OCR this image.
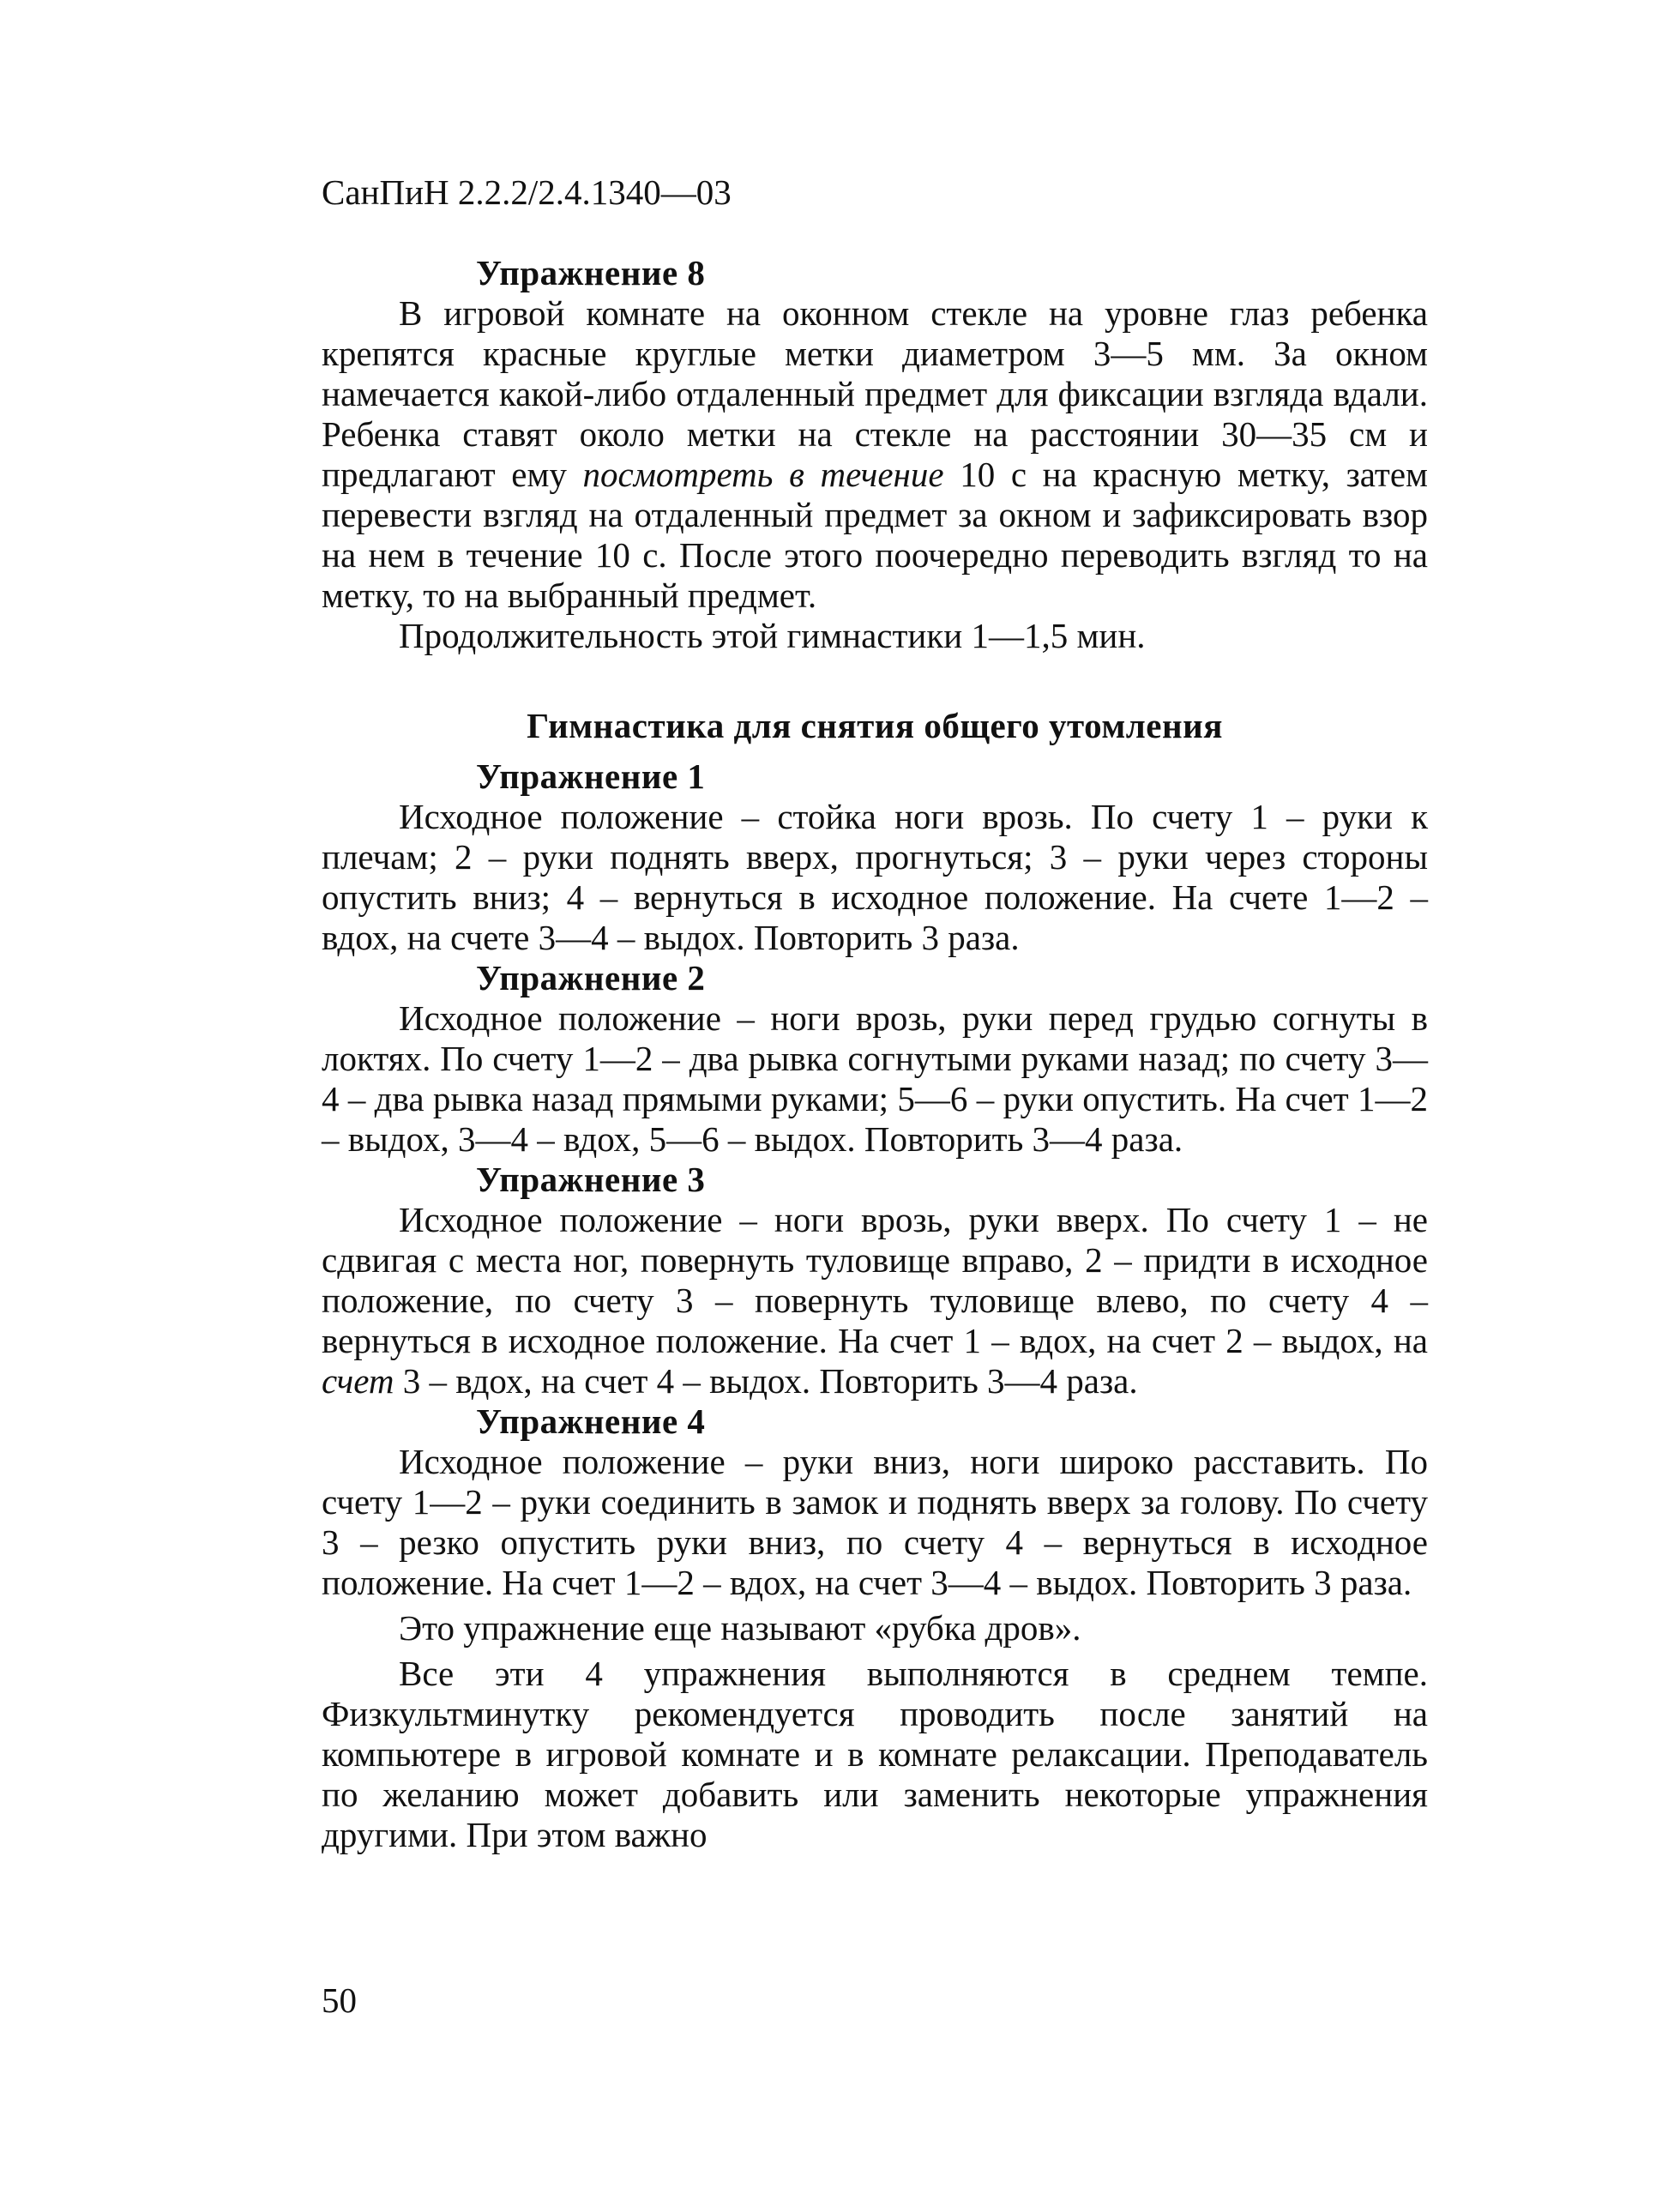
СанПиН 2.2.2/2.4.1340—03

Упражнение 8

В игровой комнате на оконном стекле на уровне глаз ребенка крепятся красные круглые метки диаметром 3—5 мм. За окном намечается какой-либо отдаленный предмет для фиксации взгляда вдали. Ребенка ставят около метки на стекле на расстоянии 30—35 см и предлагают ему посмотреть в течение 10 с на красную метку, затем перевести взгляд на отдаленный предмет за окном и зафиксировать взор на нем в течение 10 с. После этого поочередно переводить взгляд то на метку, то на выбранный предмет.

Продолжительность этой гимнастики 1—1,5 мин.

Гимнастика для снятия общего утомления

Упражнение 1

Исходное положение – стойка ноги врозь. По счету 1 – руки к плечам; 2 – руки поднять вверх, прогнуться; 3 – руки через стороны опустить вниз; 4 – вернуться в исходное положение. На счете 1—2 – вдох, на счете 3—4 – выдох. Повторить 3 раза.

Упражнение 2

Исходное положение – ноги врозь, руки перед грудью согнуты в локтях. По счету 1—2 – два рывка согнутыми руками назад; по счету 3—4 – два рывка назад прямыми руками; 5—6 – руки опустить. На счет 1—2 – выдох, 3—4 – вдох, 5—6 – выдох. Повторить 3—4 раза.

Упражнение 3

Исходное положение – ноги врозь, руки вверх. По счету 1 – не сдвигая с места ног, повернуть туловище вправо, 2 – придти в исходное положение, по счету 3 – повернуть туловище влево, по счету 4 – вернуться в исходное положение. На счет 1 – вдох, на счет 2 – выдох, на счет 3 – вдох, на счет 4 – выдох. Повторить 3—4 раза.

Упражнение 4

Исходное положение – руки вниз, ноги широко расставить. По счету 1—2 – руки соединить в замок и поднять вверх за голову. По счету 3 – резко опустить руки вниз, по счету 4 – вернуться в исходное положение. На счет 1—2 – вдох, на счет 3—4 – выдох. Повторить 3 раза.

Это упражнение еще называют «рубка дров».

Все эти 4 упражнения выполняются в среднем темпе. Физкультминутку рекомендуется проводить после занятий на компьютере в игровой комнате и в комнате релаксации. Преподаватель по желанию может добавить или заменить некоторые упражнения другими. При этом важно

50
